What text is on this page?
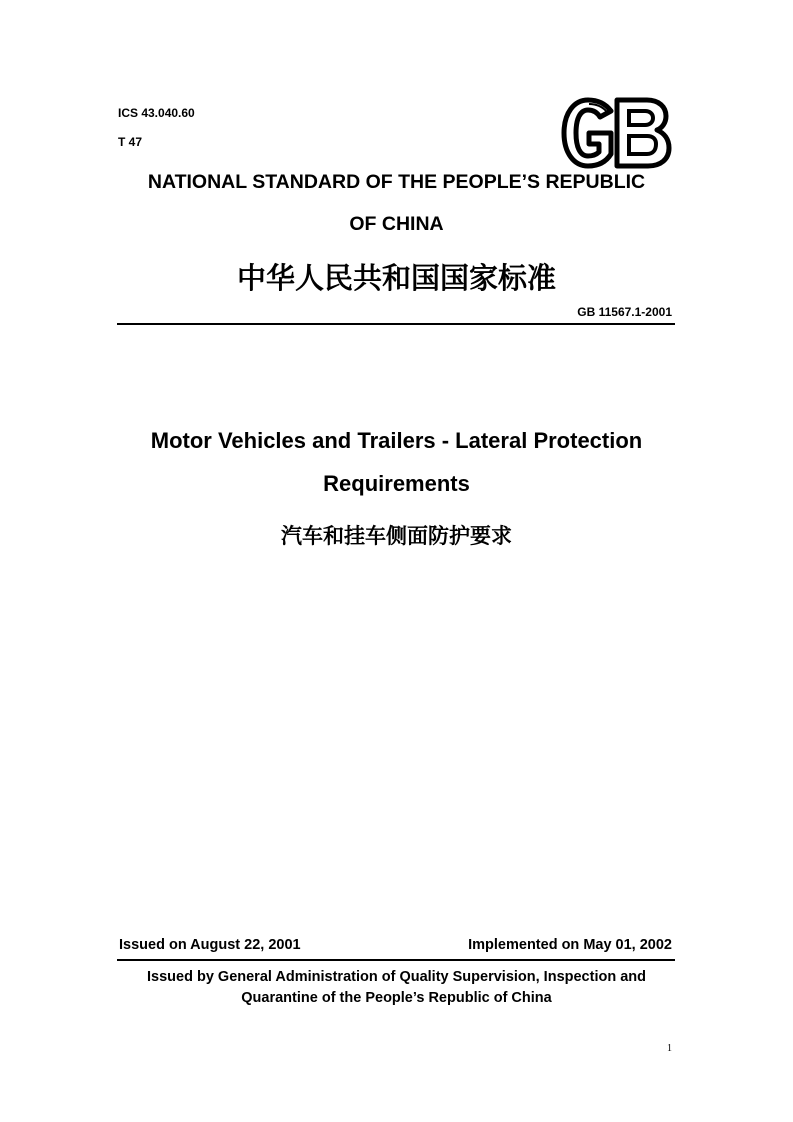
ICS 43.040.60
T 47
GB
NATIONAL STANDARD OF THE PEOPLE’S REPUBLIC
OF CHINA
中华人民共和国国家标准
GB 11567.1-2001
Motor Vehicles and Trailers - Lateral Protection
Requirements
汽车和挂车侧面防护要求
Issued on August 22, 2001	Implemented on May 01, 2002
Issued by General Administration of Quality Supervision, Inspection and
Quarantine of the People’s Republic of China
1
